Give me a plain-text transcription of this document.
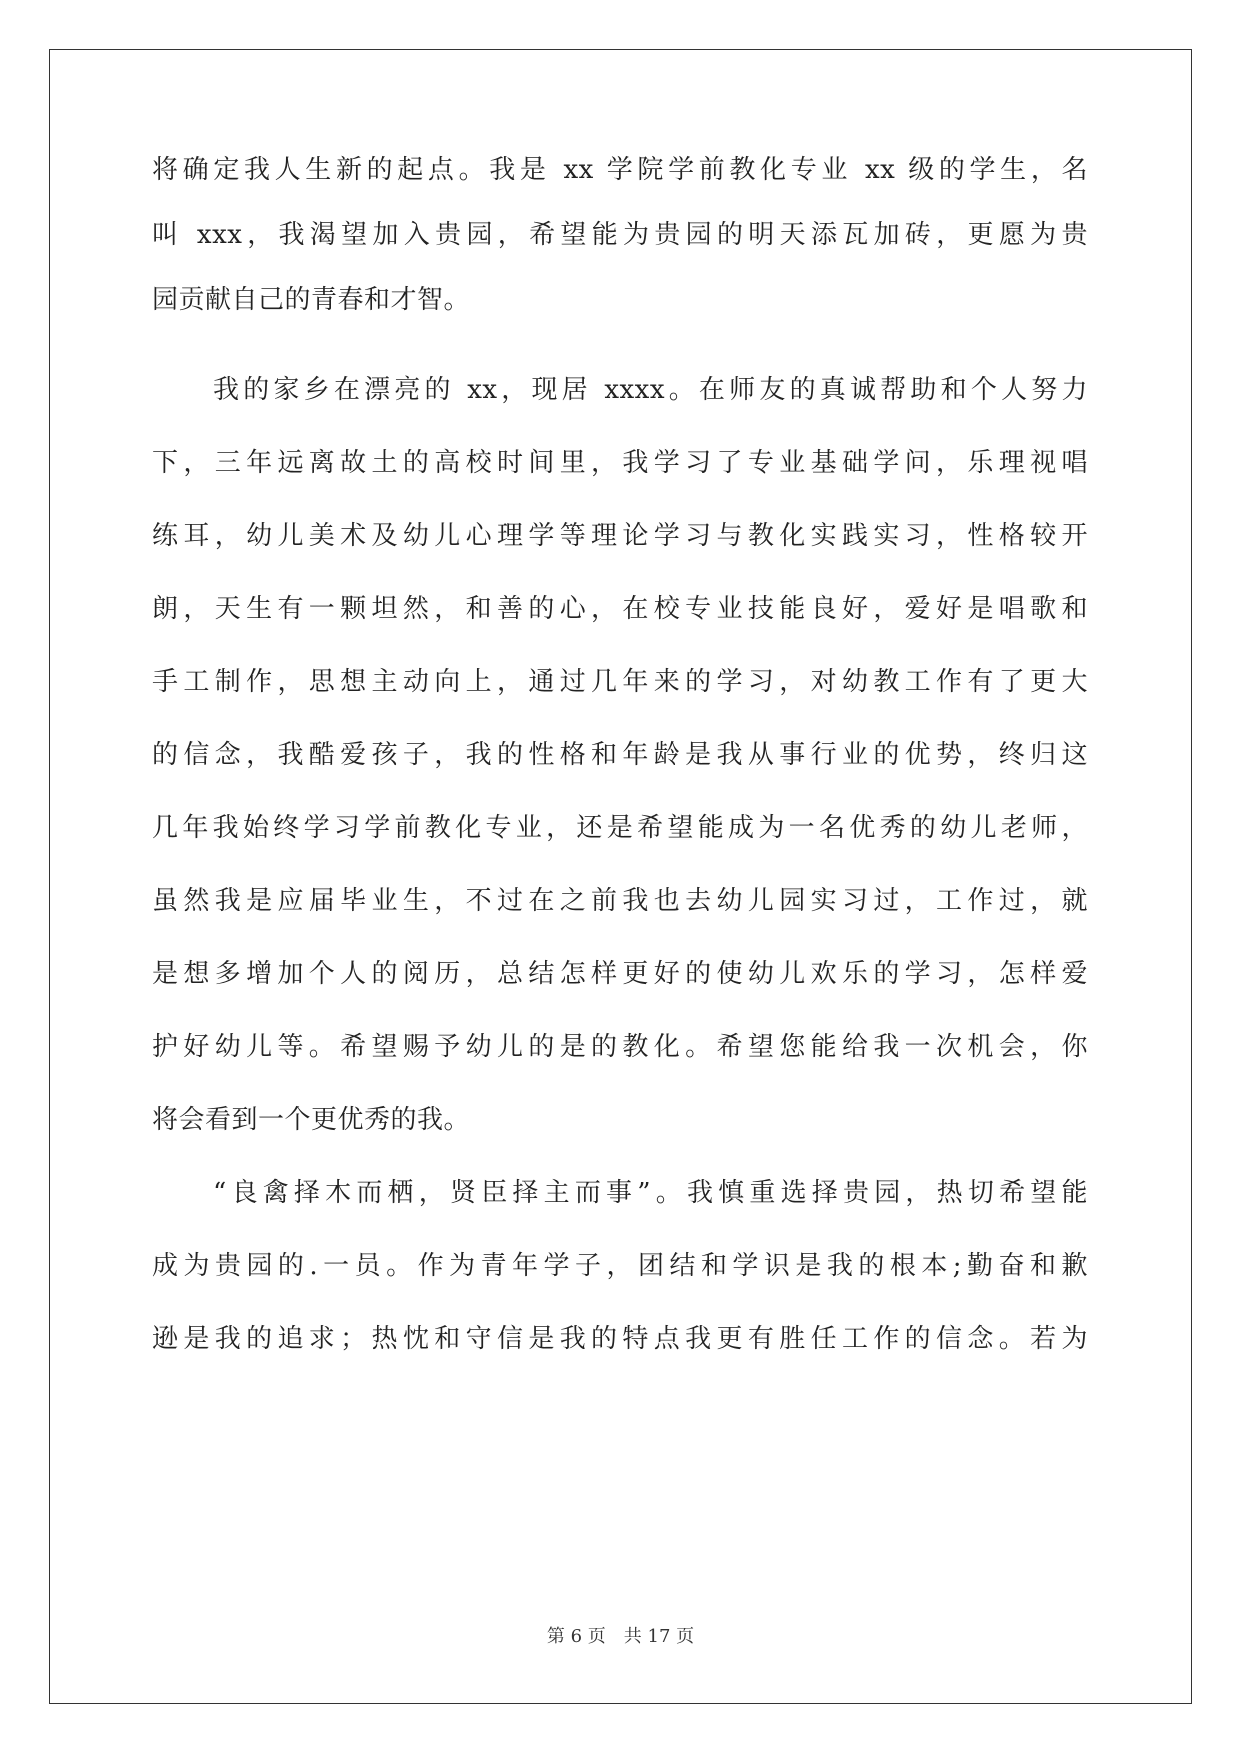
将确定我人生新的起点。我是 xx 学院学前教化专业 xx 级的学生，名

叫 xxx，我渴望加入贵园，希望能为贵园的明天添瓦加砖，更愿为贵

园贡献自己的青春和才智。

我的家乡在漂亮的 xx，现居 xxxx。在师友的真诚帮助和个人努力

下，三年远离故土的高校时间里，我学习了专业基础学问，乐理视唱

练耳，幼儿美术及幼儿心理学等理论学习与教化实践实习，性格较开

朗，天生有一颗坦然，和善的心，在校专业技能良好，爱好是唱歌和

手工制作，思想主动向上，通过几年来的学习，对幼教工作有了更大

的信念，我酷爱孩子，我的性格和年龄是我从事行业的优势，终归这

几年我始终学习学前教化专业，还是希望能成为一名优秀的幼儿老师，

虽然我是应届毕业生，不过在之前我也去幼儿园实习过，工作过，就

是想多增加个人的阅历，总结怎样更好的使幼儿欢乐的学习，怎样爱

护好幼儿等。希望赐予幼儿的是的教化。希望您能给我一次机会，你

将会看到一个更优秀的我。

“良禽择木而栖，贤臣择主而事”。我慎重选择贵园，热切希望能

成为贵园的.一员。作为青年学子，团结和学识是我的根本;勤奋和歉

逊是我的追求；热忱和守信是我的特点我更有胜任工作的信念。若为

第 6 页 共 17 页
